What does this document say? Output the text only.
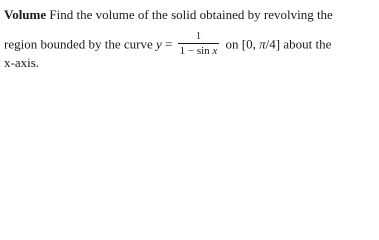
Volume Find the volume of the solid obtained by revolving the
region bounded by the curve $y = \frac{1}{\text{1 − sin x}}$ on [0, π/4] about the
x-axis.
